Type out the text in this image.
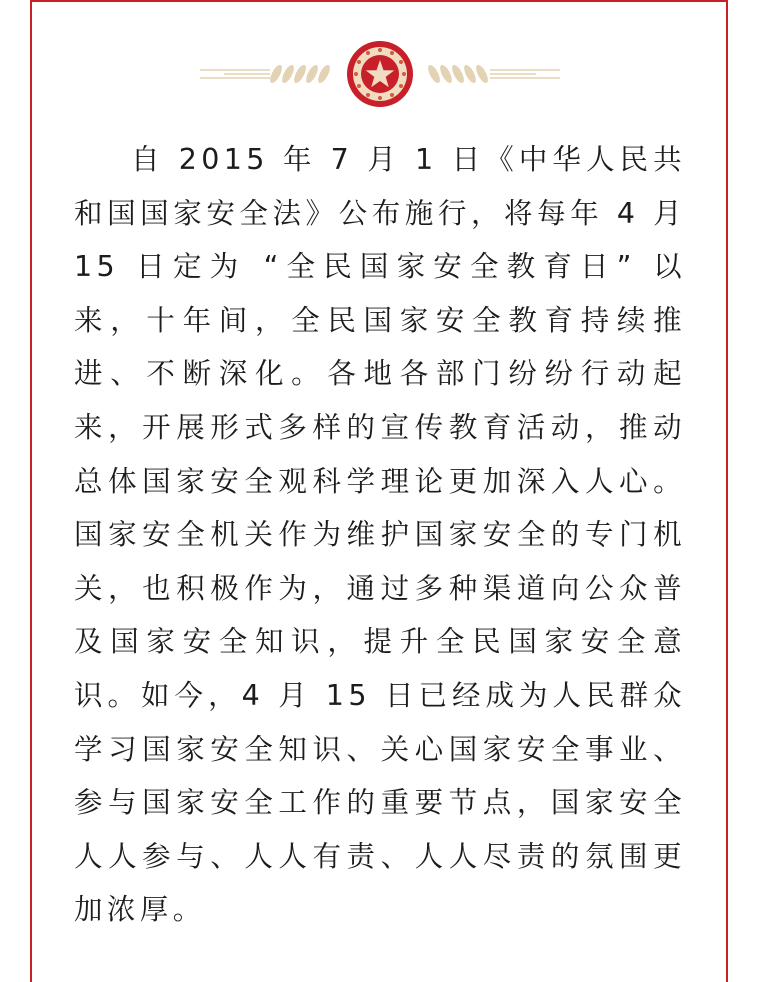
自 2015 年 7 月 1 日《中华人民共和国国家安全法》公布施行，将每年 4 月 15 日定为 “全民国家安全教育日” 以来，十年间，全民国家安全教育持续推进、不断深化。各地各部门纷纷行动起来，开展形式多样的宣传教育活动，推动总体国家安全观科学理论更加深入人心。国家安全机关作为维护国家安全的专门机关，也积极作为，通过多种渠道向公众普及国家安全知识，提升全民国家安全意识。如今，4 月 15 日已经成为人民群众学习国家安全知识、关心国家安全事业、参与国家安全工作的重要节点，国家安全人人参与、人人有责、人人尽责的氛围更加浓厚。
